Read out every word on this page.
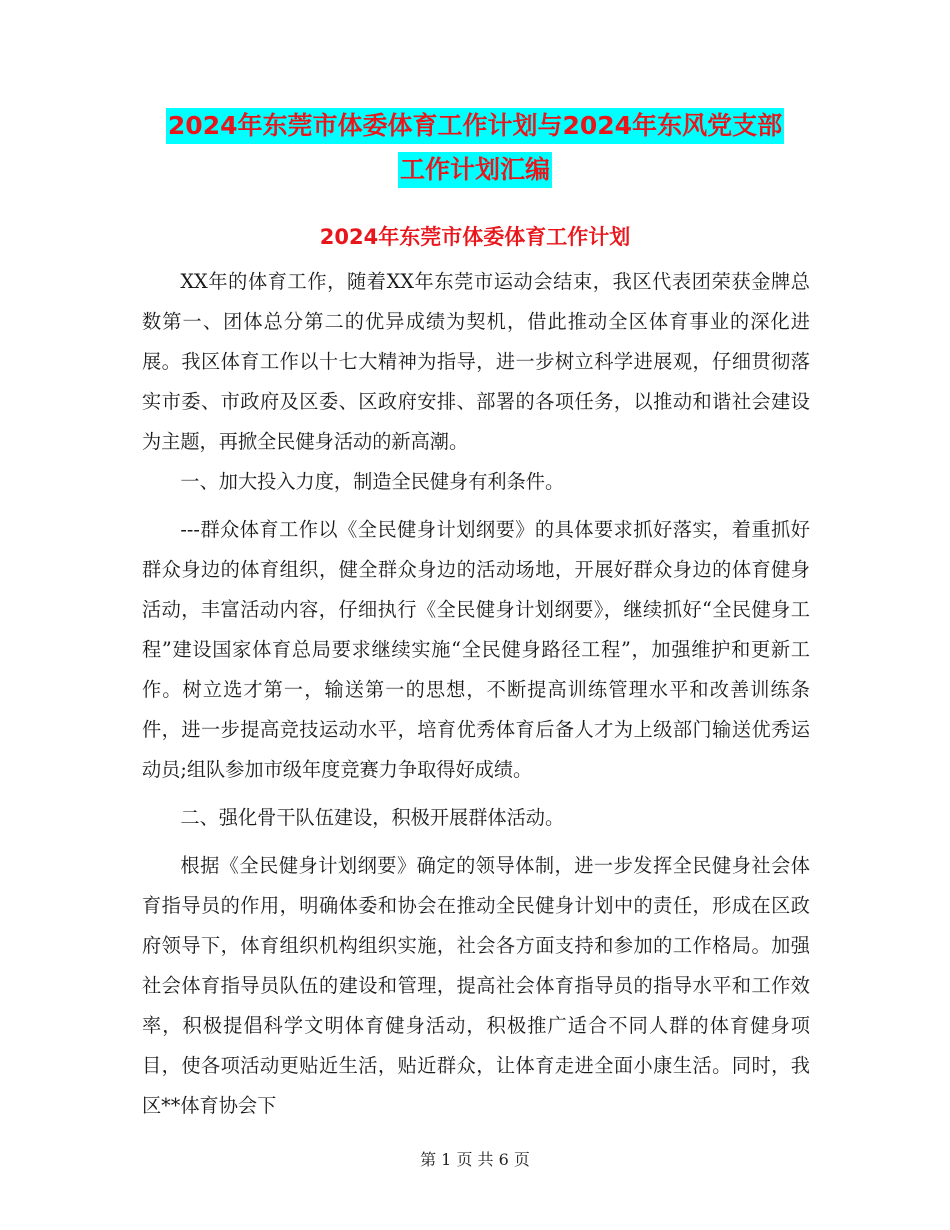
2024年东莞市体委体育工作计划与2024年东风党支部
工作计划汇编
2024年东莞市体委体育工作计划

XX年的体育工作，随着XX年东莞市运动会结束，我区代表团荣获金牌总数第一、团体总分第二的优异成绩为契机，借此推动全区体育事业的深化进展。我区体育工作以十七大精神为指导，进一步树立科学进展观，仔细贯彻落实市委、市政府及区委、区政府安排、部署的各项任务，以推动和谐社会建设为主题，再掀全民健身活动的新高潮。

一、加大投入力度，制造全民健身有利条件。

---群众体育工作以《全民健身计划纲要》的具体要求抓好落实，着重抓好群众身边的体育组织，健全群众身边的活动场地，开展好群众身边的体育健身活动，丰富活动内容，仔细执行《全民健身计划纲要》，继续抓好“全民健身工程”建设国家体育总局要求继续实施“全民健身路径工程”，加强维护和更新工作。树立选才第一，输送第一的思想，不断提高训练管理水平和改善训练条件，进一步提高竞技运动水平，培育优秀体育后备人才为上级部门输送优秀运动员;组队参加市级年度竞赛力争取得好成绩。

二、强化骨干队伍建设，积极开展群体活动。

根据《全民健身计划纲要》确定的领导体制，进一步发挥全民健身社会体育指导员的作用，明确体委和协会在推动全民健身计划中的责任，形成在区政府领导下，体育组织机构组织实施，社会各方面支持和参加的工作格局。加强社会体育指导员队伍的建设和管理，提高社会体育指导员的指导水平和工作效率，积极提倡科学文明体育健身活动，积极推广适合不同人群的体育健身项目，使各项活动更贴近生活，贴近群众，让体育走进全面小康生活。同时，我区**体育协会下

第 1 页 共 6 页
